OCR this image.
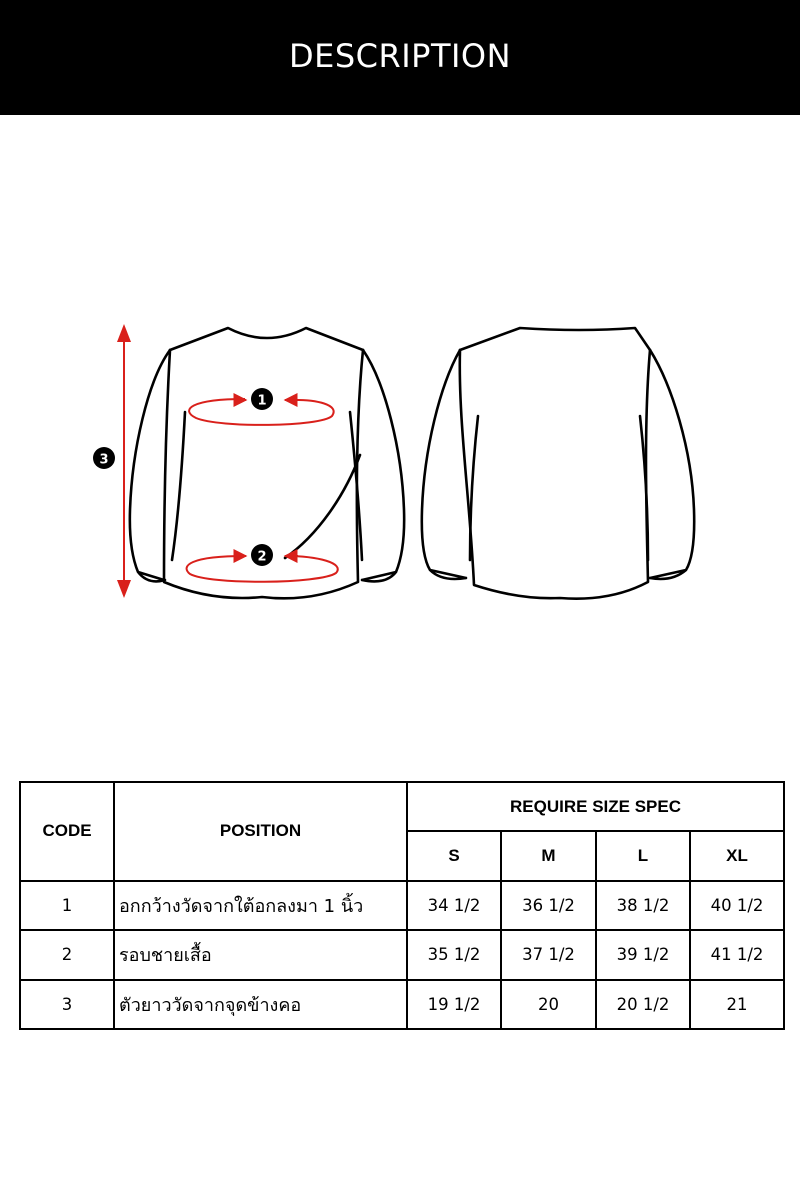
DESCRIPTION
1
2
3
CODE	POSITION	REQUIRE SIZE SPEC			
		S	M	L	XL
1	อกกว้างวัดจากใต้อกลงมา 1 นิ้ว	34 1/2	36 1/2	38 1/2	40 1/2
2	รอบชายเสื้อ	35 1/2	37 1/2	39 1/2	41 1/2
3	ตัวยาววัดจากจุดข้างคอ	19 1/2	20	20 1/2	21
